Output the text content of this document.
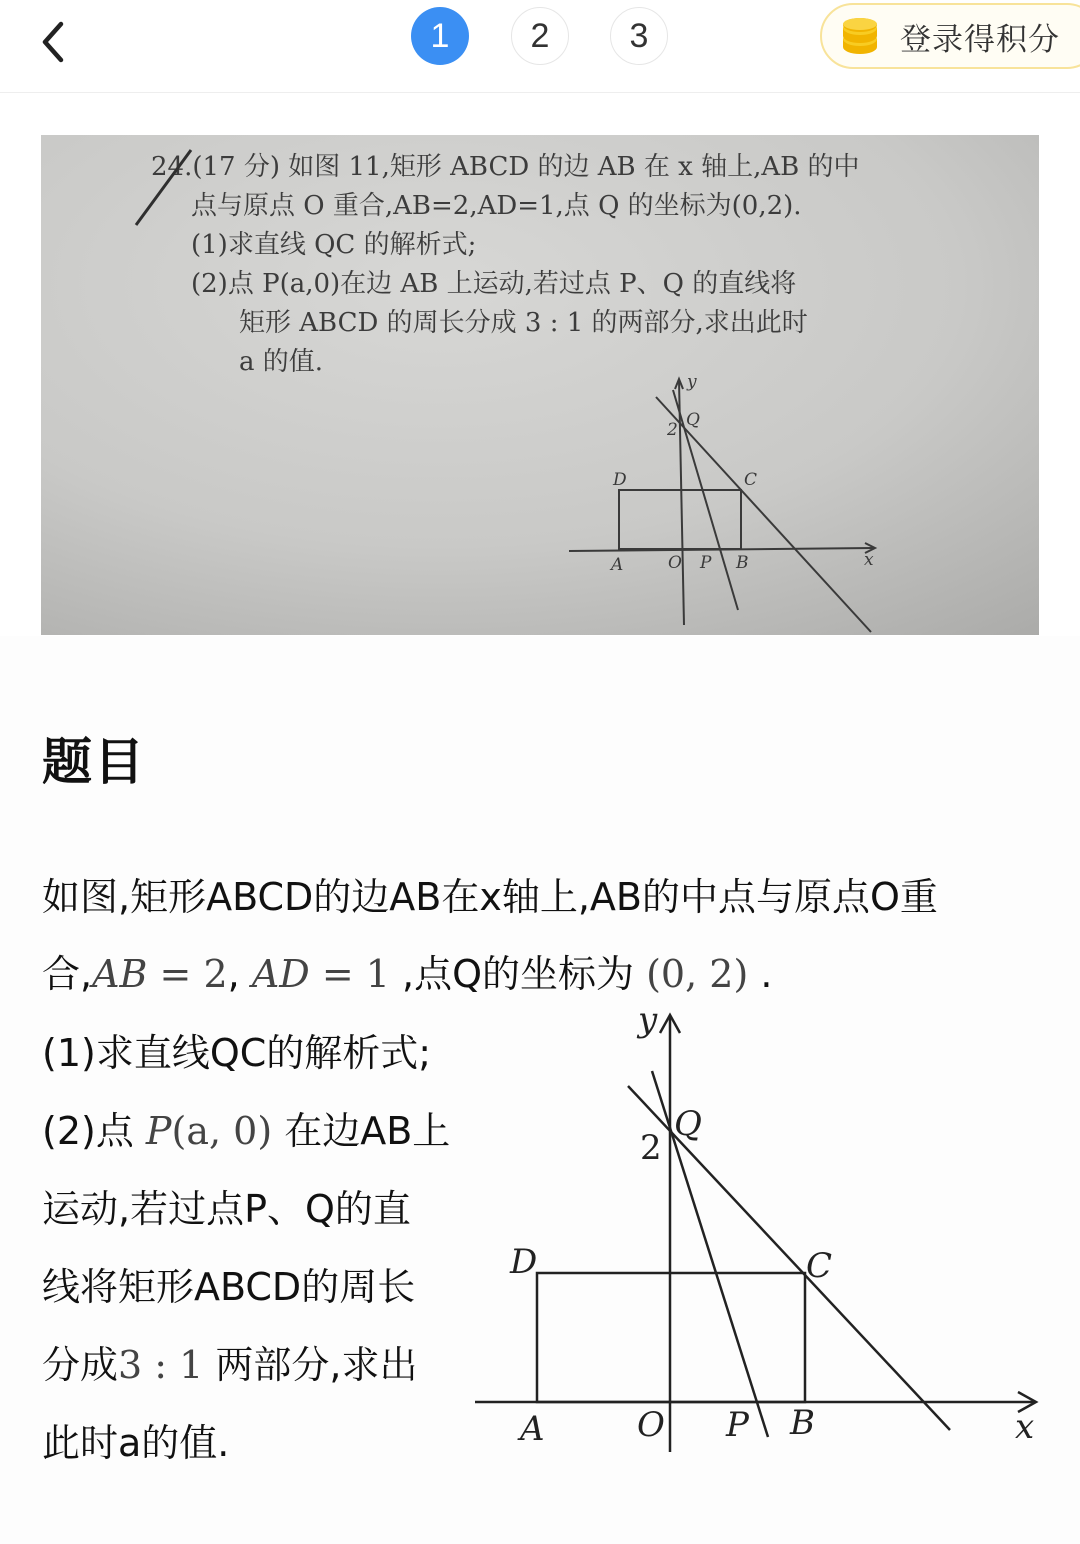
1	2	3	登录得积分
24.(17 分) 如图 11,矩形 ABCD 的边 AB 在 x 轴上,AB 的中
点与原点 O 重合,AB=2,AD=1,点 Q 的坐标为(0,2).
(1)求直线 QC 的解析式;
(2)点 P(a,0)在边 AB 上运动,若过点 P、Q 的直线将
矩形 ABCD 的周长分成 3 : 1 的两部分,求出此时
a 的值.
y
2 Q
D	C
A	O P B	x
题目
如图,矩形ABCD的边AB在x轴上,AB的中点与原点O重
合,AB = 2, AD = 1 ,点Q的坐标为 (0, 2) .
(1)求直线QC的解析式;
(2)点 P(a, 0) 在边AB上
运动,若过点P、Q的直
线将矩形ABCD的周长
分成3 : 1 两部分,求出
此时a的值.
y
Q
2
D	C
A	O P B	x
